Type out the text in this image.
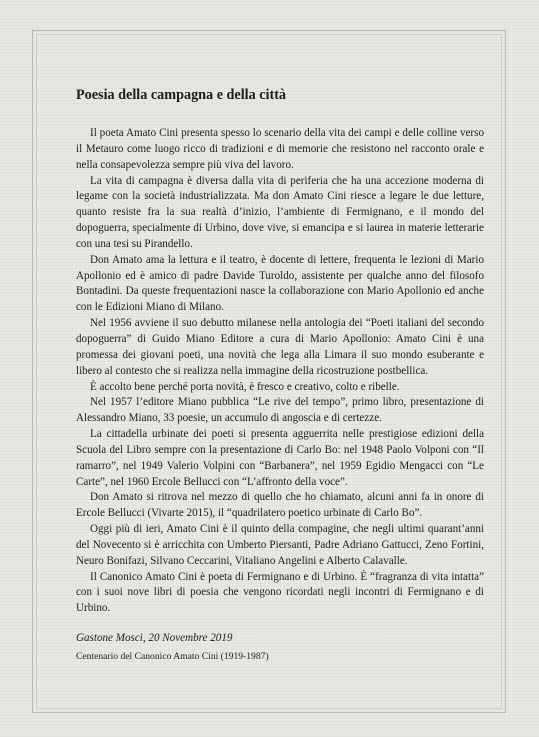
Poesia della campagna e della città

Il poeta Amato Cini presenta spesso lo scenario della vita dei campi e delle colline verso il Metauro come luogo ricco di tradizioni e di memorie che resistono nel racconto orale e nella consapevolezza sempre più viva del lavoro.

La vita di campagna è diversa dalla vita di periferia che ha una accezione moderna di legame con la società industrializzata. Ma don Amato Cini riesce a legare le due letture, quanto resiste fra la sua realtà d’inizio, l’ambiente di Fermignano, e il mondo del dopoguerra, specialmente di Urbino, dove vive, si emancipa e si laurea in materie letterarie con una tesi su Pirandello.

Don Amato ama la lettura e il teatro, è docente di lettere, frequenta le lezioni di Mario Apollonio ed è amico di padre Davide Turoldo, assistente per qualche anno del filosofo Bontadini. Da queste frequentazioni nasce la collaborazione con Mario Apollonio ed anche con le Edizioni Miano di Milano.

Nel 1956 avviene il suo debutto milanese nella antologia dei “Poeti italiani del secondo dopoguerra” di Guido Miano Editore a cura di Mario Apollonio: Amato Cini è una promessa dei giovani poeti, una novità che lega alla Limara il suo mondo esuberante e libero al contesto che si realizza nella immagine della ricostruzione postbellica.

È accolto bene perché porta novità, è fresco e creativo, colto e ribelle.

Nel 1957 l’editore Miano pubblica “Le rive del tempo”, primo libro, presentazione di Alessandro Miano, 33 poesie, un accumulo di angoscia e di certezze.

La cittadella urbinate dei poeti si presenta agguerrita nelle prestigiose edizioni della Scuola del Libro sempre con la presentazione di Carlo Bo: nel 1948 Paolo Volponi con “Il ramarro”, nel 1949 Valerio Volpini con “Barbanera”, nel 1959 Egidio Mengacci con “Le Carte”, nel 1960 Ercole Bellucci con “L’affronto della voce”.

Don Amato si ritrova nel mezzo di quello che ho chiamato, alcuni anni fa in onore di Ercole Bellucci (Vivarte 2015), il “quadrilatero poetico urbinate di Carlo Bo”.

Oggi più di ieri, Amato Cini è il quinto della compagine, che negli ultimi quarant’anni del Novecento si è arricchita con Umberto Piersanti, Padre Adriano Gattucci, Zeno Fortini, Neuro Bonifazi, Silvano Ceccarini, Vitaliano Angelini e Alberto Calavalle.

Il Canonico Amato Cini è poeta di Fermignano e di Urbino. È “fragranza di vita intatta” con i suoi nove libri di poesia che vengono ricordati negli incontri di Fermignano e di Urbino.

Gastone Mosci, 20 Novembre 2019
Centenario del Canonico Amato Cini (1919-1987)
